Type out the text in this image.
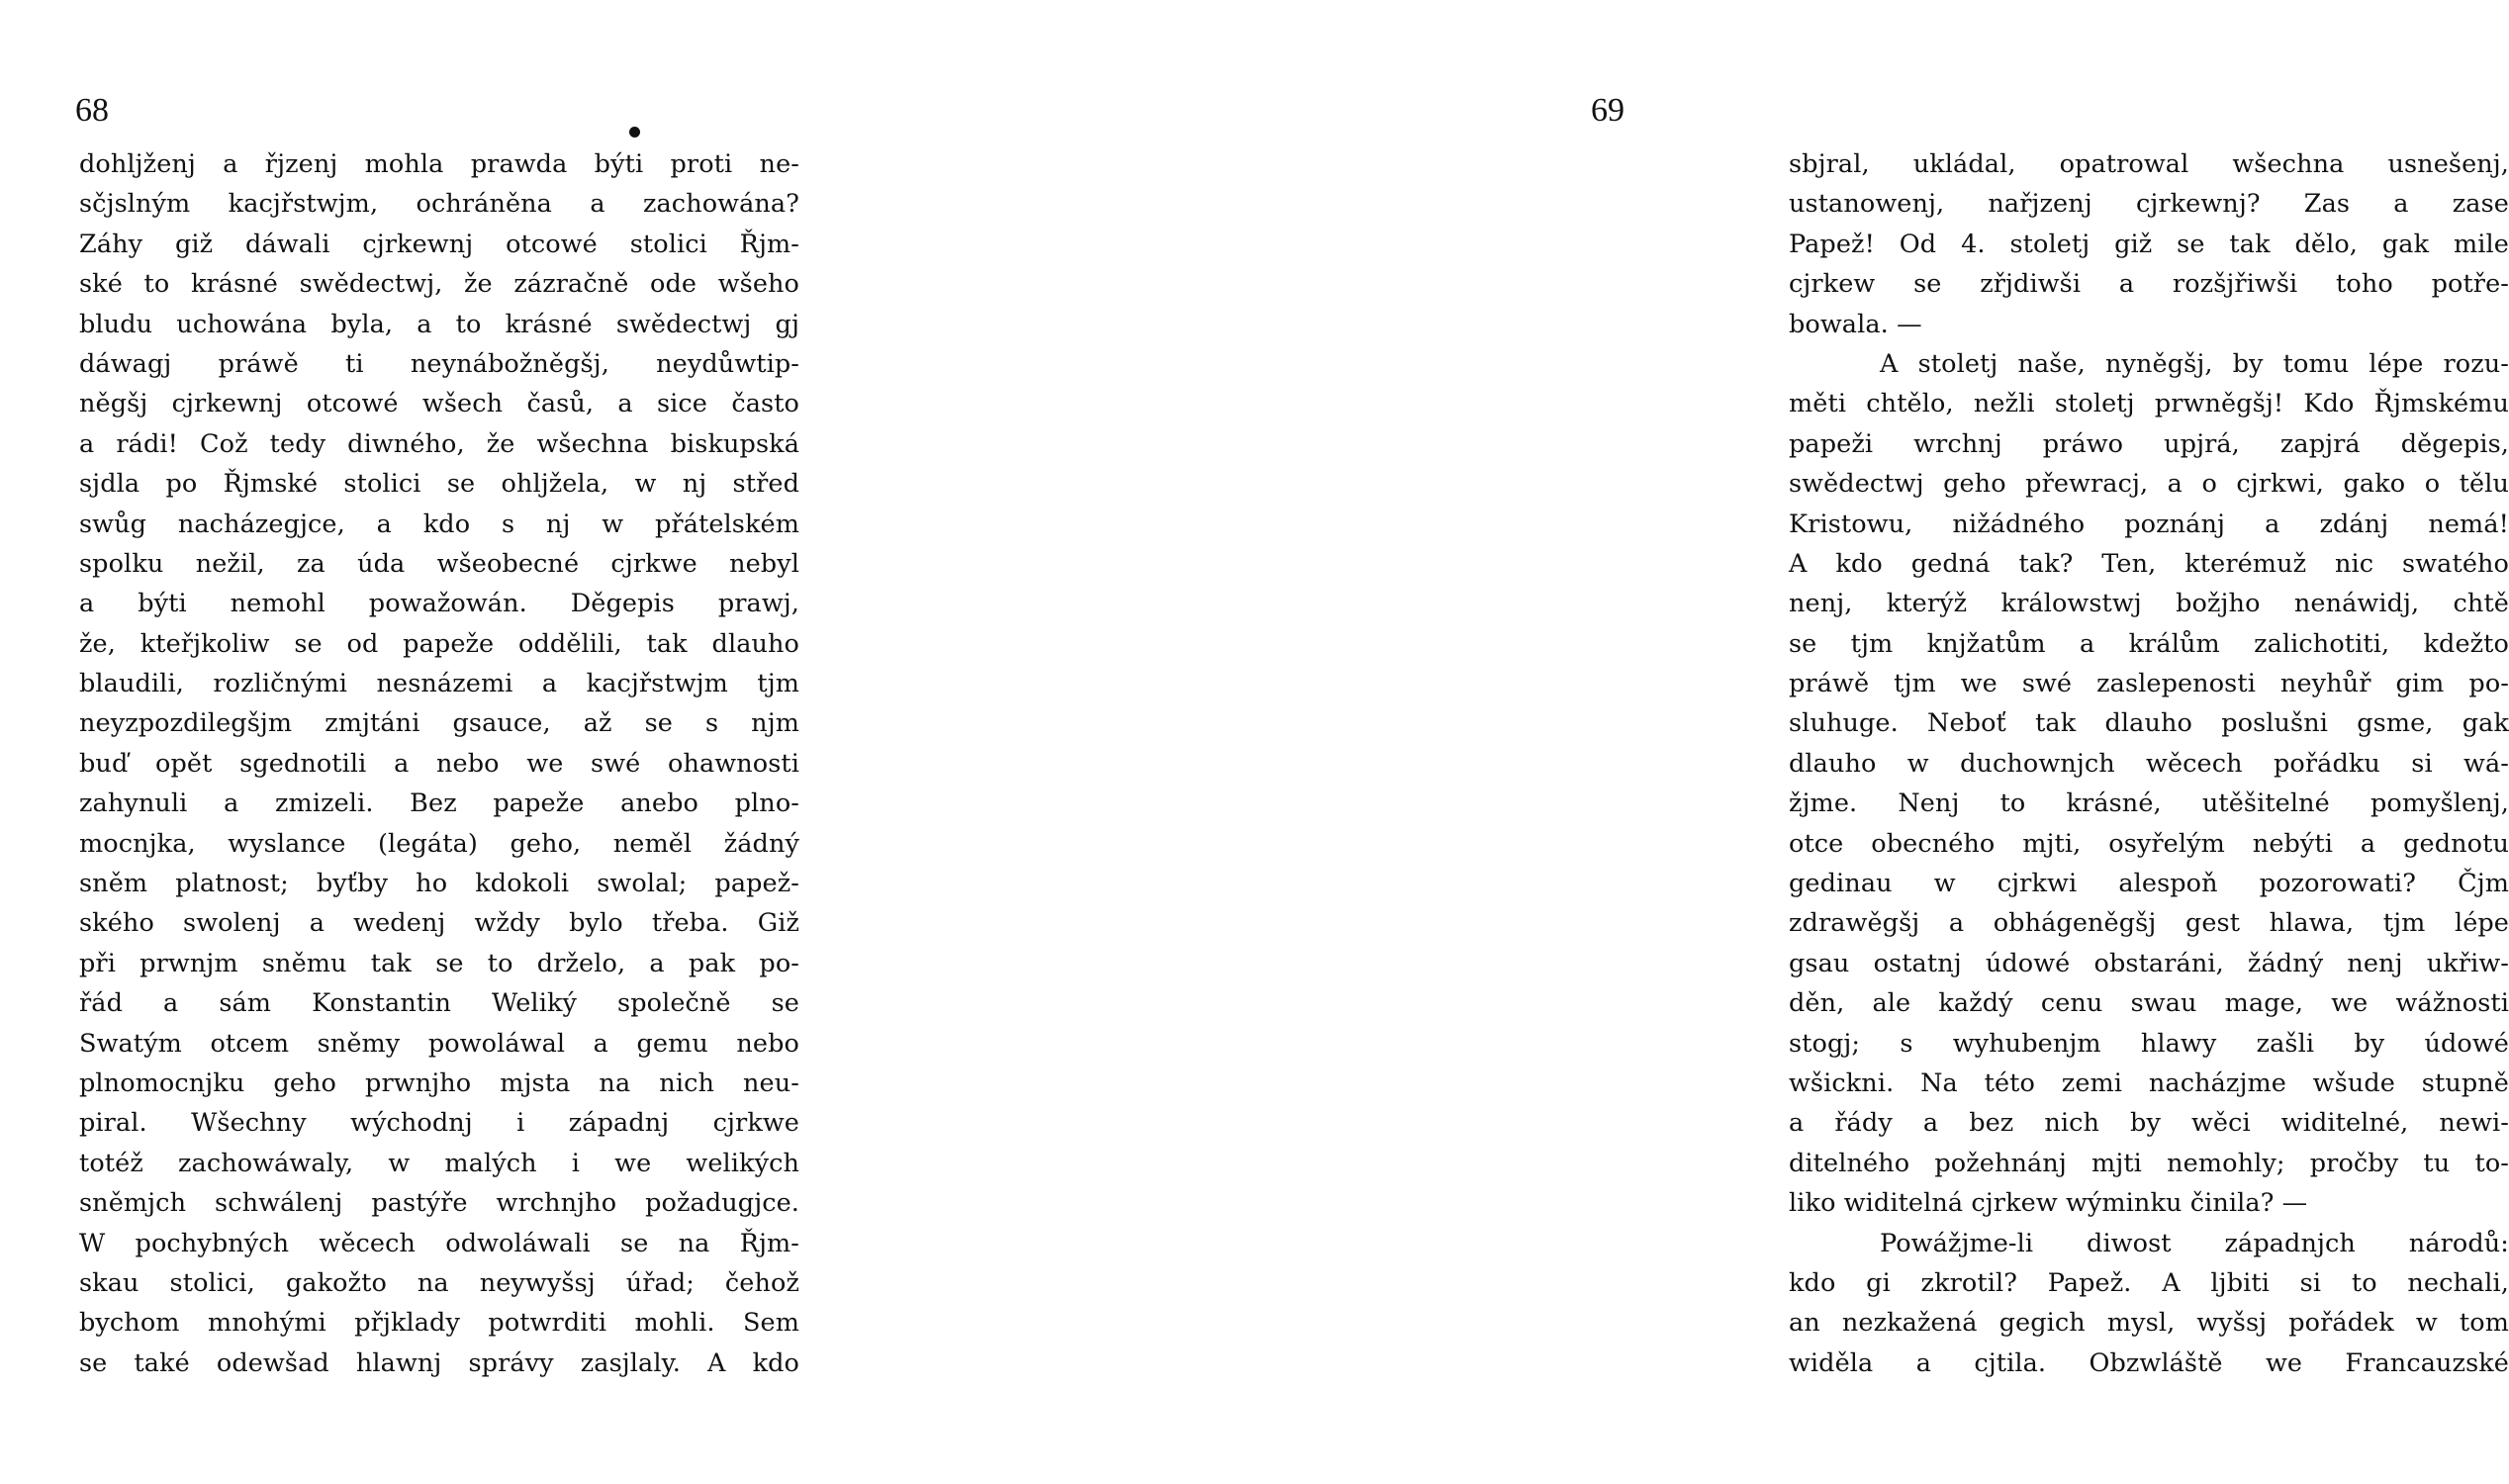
68
dohljženj a řjzenj mohla prawda býti proti ne-
sčjslným kacjřstwjm, ochráněna a zachowána?
Záhy giž dáwali cjrkewnj otcowé stolici Řjm-
ské to krásné swědectwj, že zázračně ode wšeho
bludu uchowána byla, a to krásné swědectwj gj
dáwagj práwě ti neynábožněgšj, neydůwtip-
něgšj cjrkewnj otcowé wšech časů, a sice často
a rádi! Což tedy diwného, že wšechna biskupská
sjdla po Řjmské stolici se ohljžela, w nj střed
swůg nacházegjce, a kdo s nj w přátelském
spolku nežil, za úda wšeobecné cjrkwe nebyl
a býti nemohl powažowán. Děgepis prawj,
že, kteřjkoliw se od papeže oddělili, tak dlauho
blaudili, rozličnými nesnázemi a kacjřstwjm tjm
neyzpozdilegšjm zmjtáni gsauce, až se s njm
buď opět sgednotili a nebo we swé ohawnosti
zahynuli a zmizeli. Bez papeže anebo plno-
mocnjka, wyslance (legáta) geho, neměl žádný
sněm platnost; byťby ho kdokoli swolal; papež-
ského swolenj a wedenj wždy bylo třeba. Giž
při prwnjm sněmu tak se to drželo, a pak po-
řád a sám Konstantin Weliký společně se
Swatým otcem sněmy powoláwal a gemu nebo
plnomocnjku geho prwnjho mjsta na nich neu-
piral. Wšechny wýchodnj i západnj cjrkwe
totéž zachowáwaly, w malých i we welikých
sněmjch schwálenj pastýře wrchnjho požadugjce.
W pochybných wěcech odwoláwali se na Řjm-
skau stolici, gakožto na neywyšsj úřad; čehož
bychom mnohými přjklady potwrditi mohli. Sem
se také odewšad hlawnj správy zasjlaly. A kdo
69
sbjral, ukládal, opatrowal wšechna usnešenj,
ustanowenj, nařjzenj cjrkewnj? Zas a zase
Papež! Od 4. stoletj giž se tak dělo, gak mile
cjrkew se zřjdiwši a rozšjřiwši toho potře-
bowala. —
A stoletj naše, nyněgšj, by tomu lépe rozu-
měti chtělo, nežli stoletj prwněgšj! Kdo Řjmskému
papeži wrchnj práwo upjrá, zapjrá děgepis,
swědectwj geho přewracj, a o cjrkwi, gako o tělu
Kristowu, nižádného poznánj a zdánj nemá!
A kdo gedná tak? Ten, kterémuž nic swatého
nenj, kterýž králowstwj božjho nenáwidj, chtě
se tjm knjžatům a králům zalichotiti, kdežto
práwě tjm we swé zaslepenosti neyhůř gim po-
sluhuge. Neboť tak dlauho poslušni gsme, gak
dlauho w duchownjch wěcech pořádku si wá-
žjme. Nenj to krásné, utěšitelné pomyšlenj,
otce obecného mjti, osyřelým nebýti a gednotu
gedinau w cjrkwi alespoň pozorowati? Čjm
zdrawěgšj a obhágeněgšj gest hlawa, tjm lépe
gsau ostatnj údowé obstaráni, žádný nenj ukřiw-
děn, ale každý cenu swau mage, we wážnosti
stogj; s wyhubenjm hlawy zašli by údowé
wšickni. Na této zemi nacházjme wšude stupně
a řády a bez nich by wěci widitelné, newi-
ditelného požehnánj mjti nemohly; pročby tu to-
liko widitelná cjrkew wýminku činila? —
Powážjme-li diwost západnjch národů:
kdo gi zkrotil? Papež. A ljbiti si to nechali,
an nezkažená gegich mysl, wyšsj pořádek w tom
widěla a cjtila. Obzwláště we Francauzské
